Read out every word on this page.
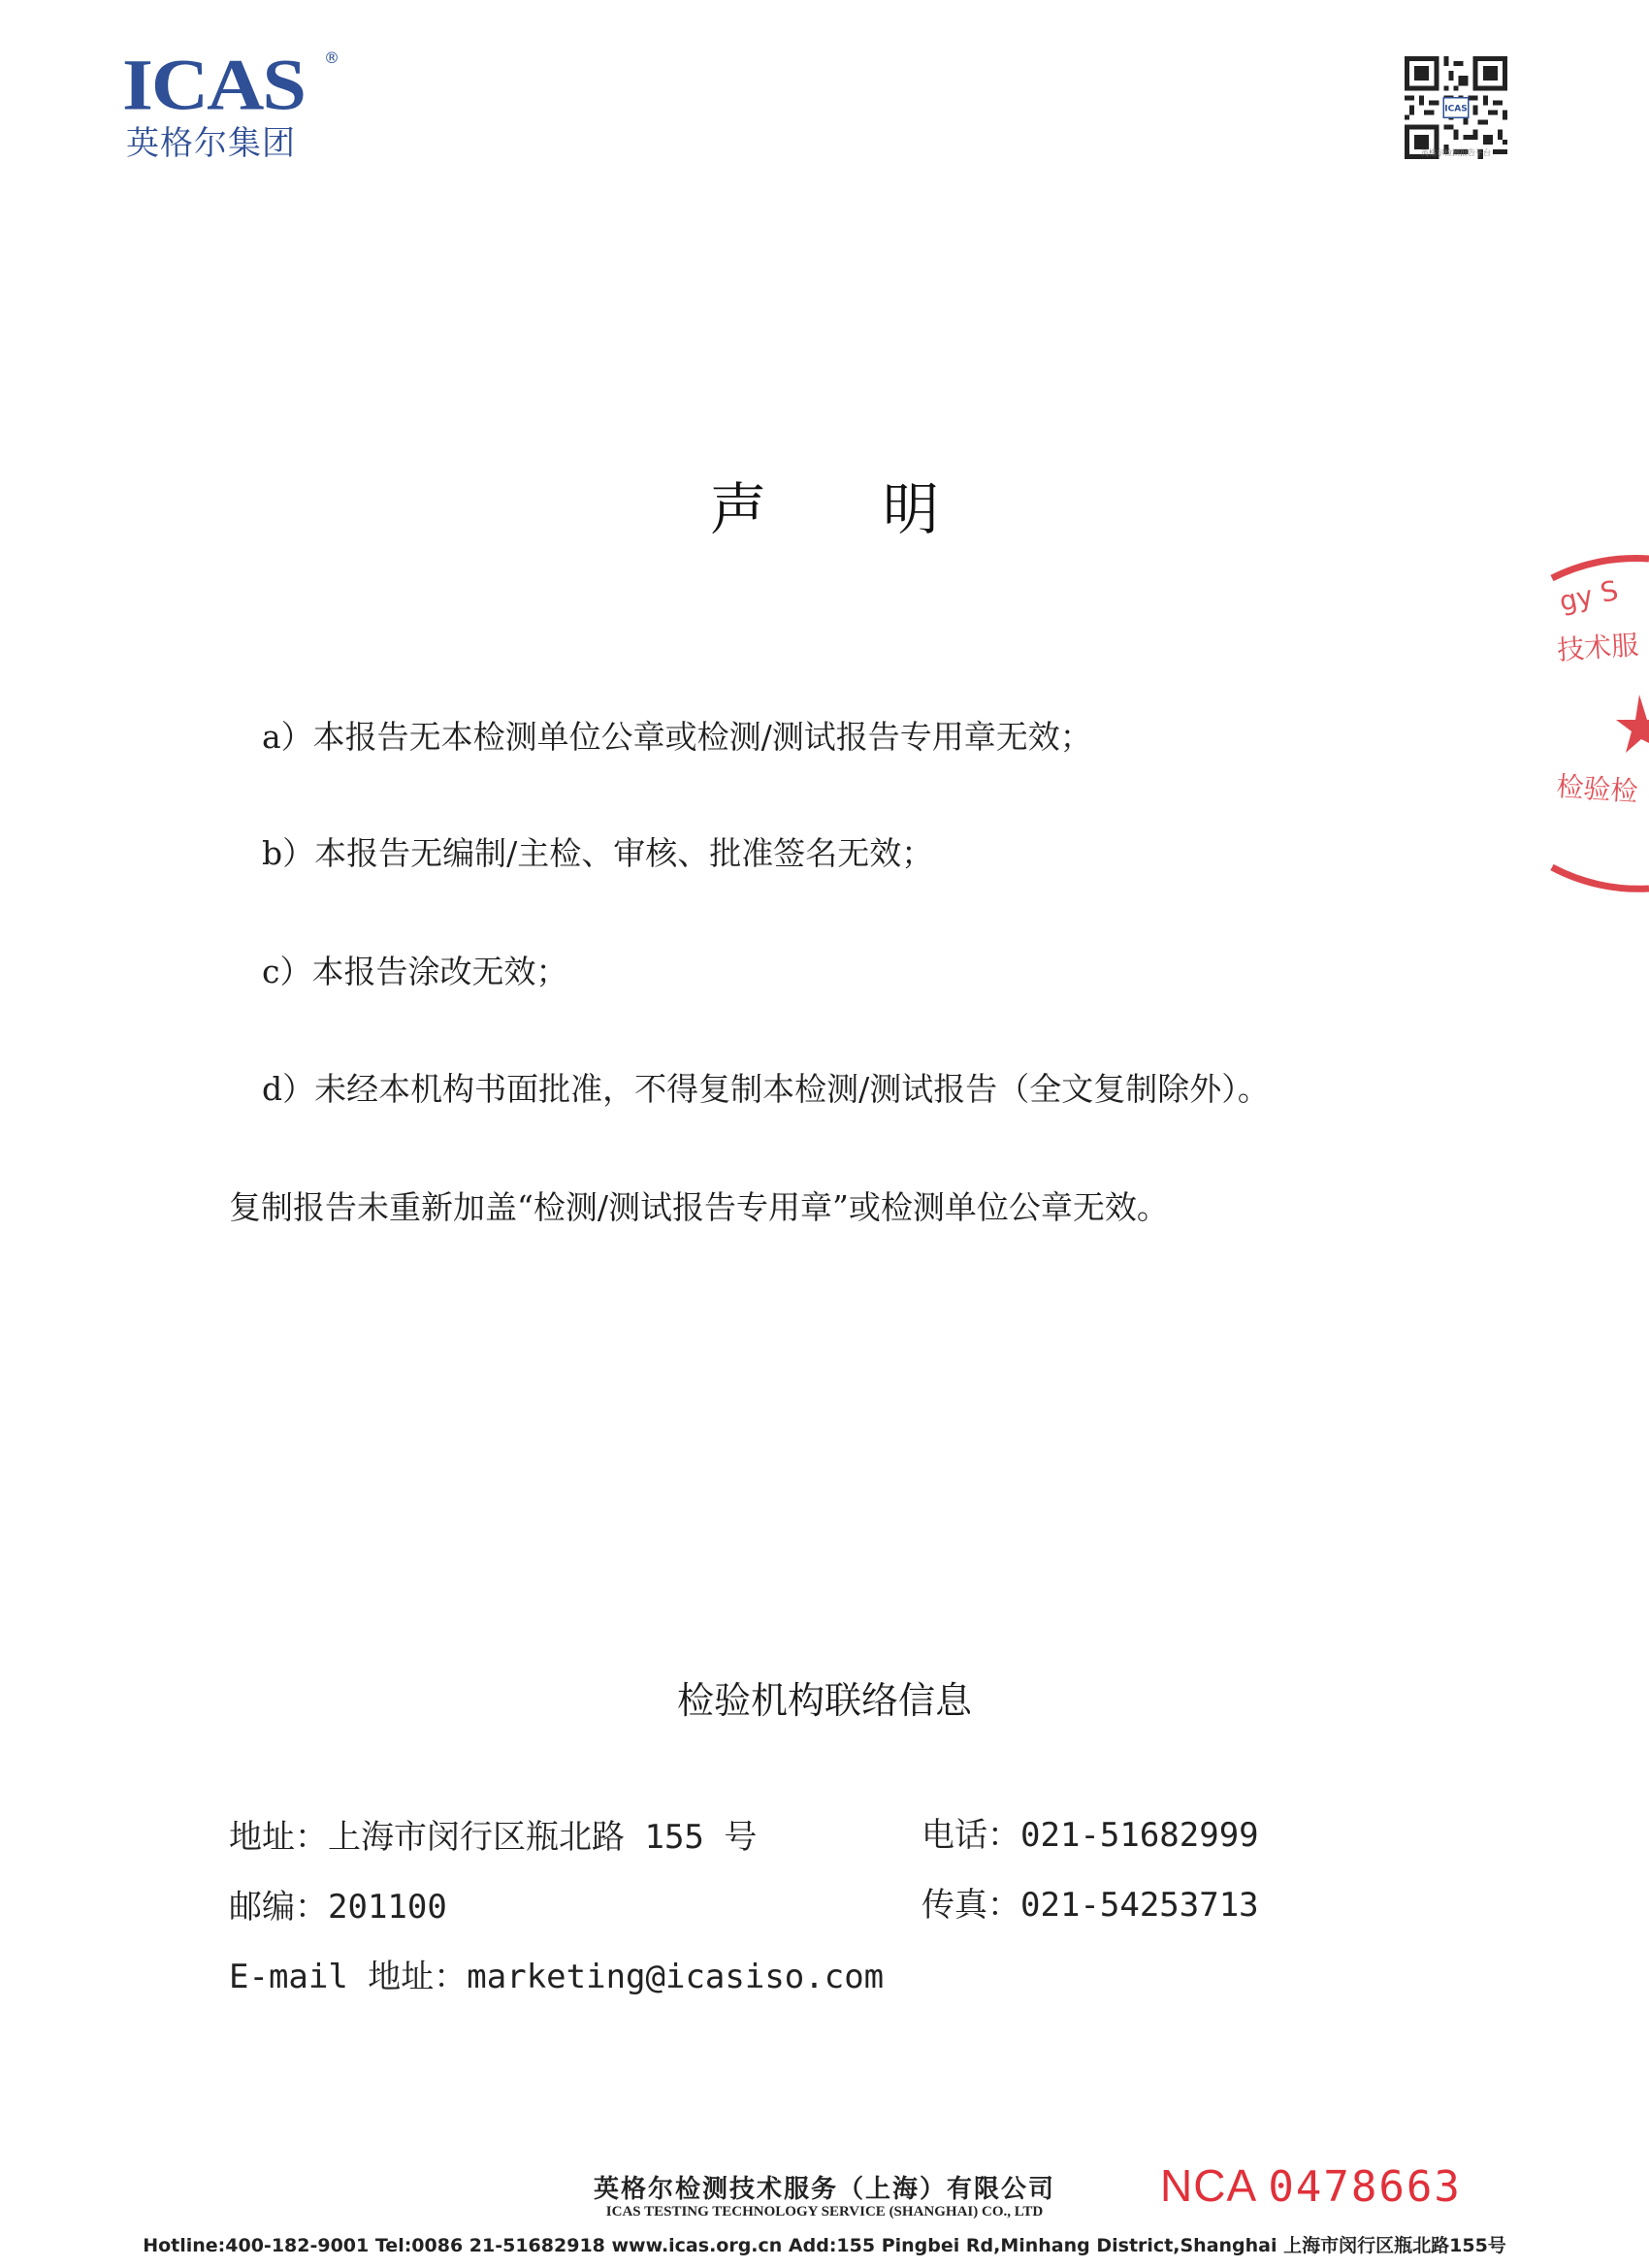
ICAS ®
英格尔集团
ICAS
英格尔检测报告平台
声明
a）本报告无本检测单位公章或检测/测试报告专用章无效；
b）本报告无编制/主检、审核、批准签名无效；
c）本报告涂改无效；
d）未经本机构书面批准，不得复制本检测/测试报告（全文复制除外）。
复制报告未重新加盖“检测/测试报告专用章”或检测单位公章无效。
检验机构联络信息
地址：上海市闵行区瓶北路 155 号	电话：021-51682999
邮编：201100	传真：021-54253713
E-mail 地址：marketing@icasiso.com
英格尔检测技术服务（上海）有限公司
ICAS TESTING TECHNOLOGY SERVICE (SHANGHAI) CO., LTD
Hotline:400-182-9001 Tel:0086 21-51682918 www.icas.org.cn Add:155 Pingbei Rd,Minhang District,Shanghai 上海市闵行区瓶北路155号
NCA 0478663
gy S
技术服
检验检
